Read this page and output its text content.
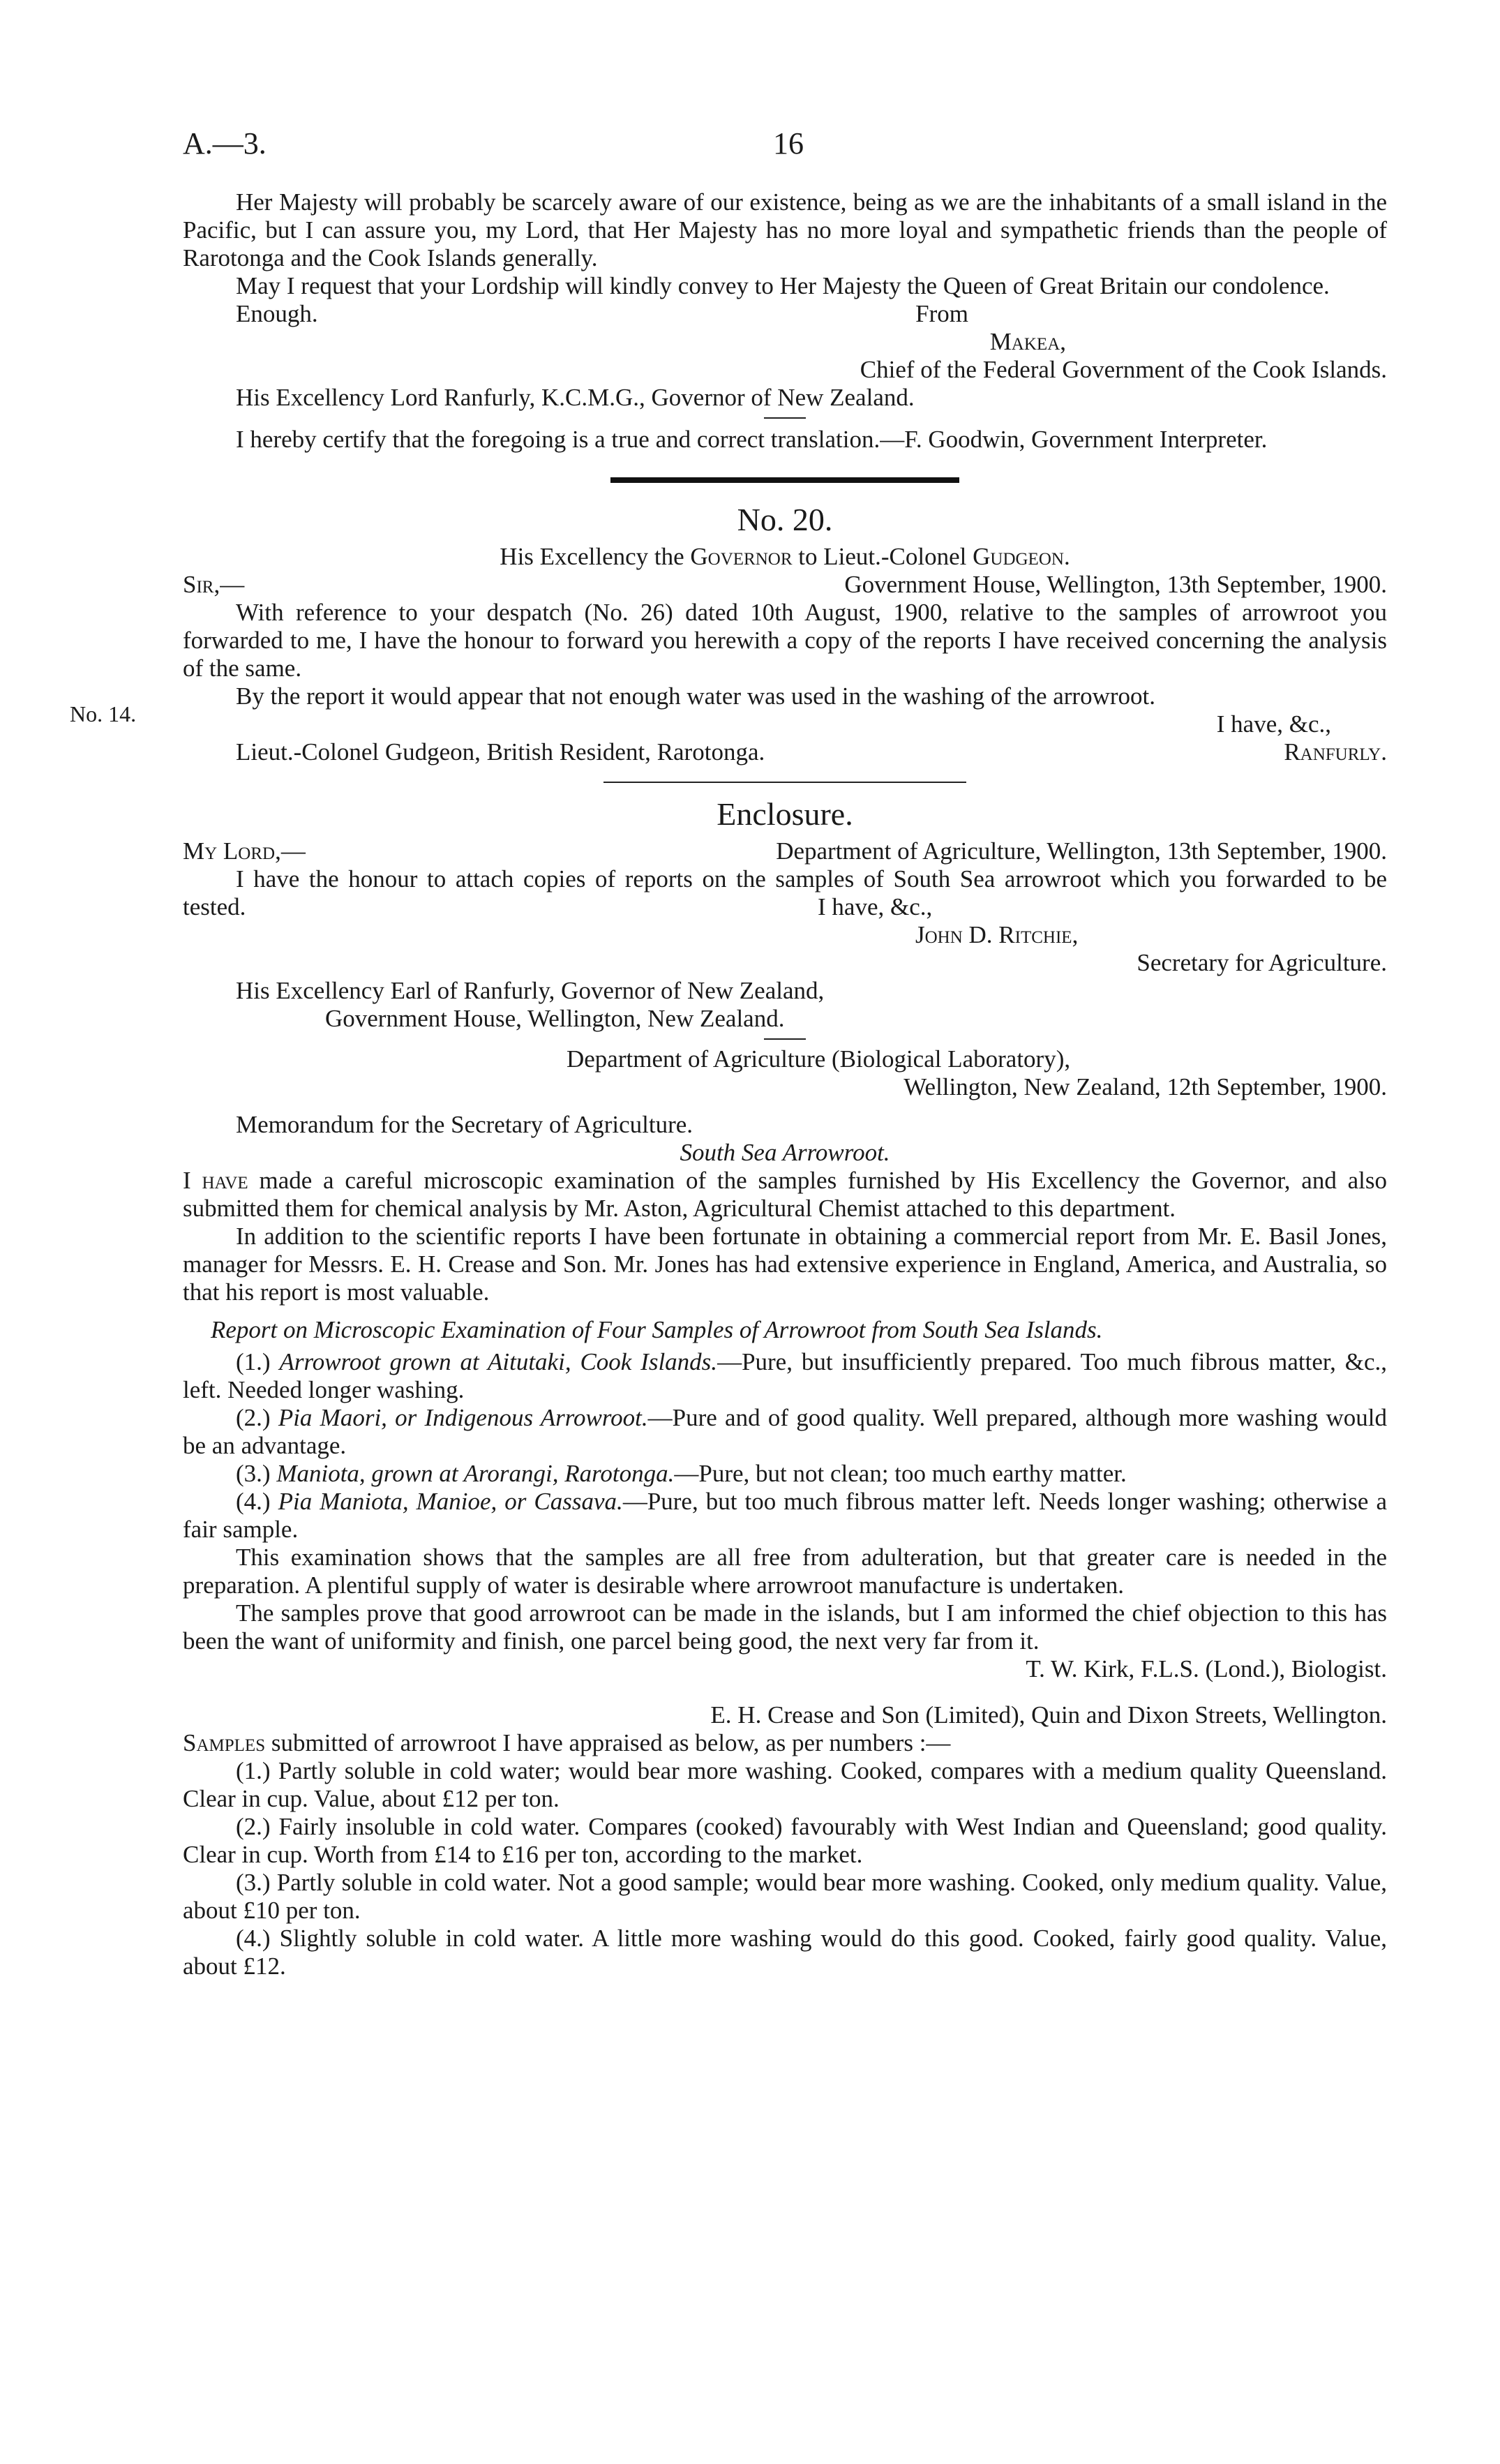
A.—3.	16
No. 14.

Her Majesty will probably be scarcely aware of our existence, being as we are the inhabitants of a small island in the Pacific, but I can assure you, my Lord, that Her Majesty has no more loyal and sympathetic friends than the people of Rarotonga and the Cook Islands generally.

May I request that your Lordship will kindly convey to Her Majesty the Queen of Great Britain our condolence.

Enough.	From
Makea,
Chief of the Federal Government of the Cook Islands.
His Excellency Lord Ranfurly, K.C.M.G., Governor of New Zealand.

I hereby certify that the foregoing is a true and correct translation.—F. Goodwin, Government Interpreter.

No. 20.
His Excellency the Governor to Lieut.-Colonel Gudgeon.
Sir,—	Government House, Wellington, 13th September, 1900.

With reference to your despatch (No. 26) dated 10th August, 1900, relative to the samples of arrowroot you forwarded to me, I have the honour to forward you herewith a copy of the reports I have received concerning the analysis of the same.

By the report it would appear that not enough water was used in the washing of the arrowroot.

I have, &c.,
Lieut.-Colonel Gudgeon, British Resident, Rarotonga.	Ranfurly.
Enclosure.
My Lord,—	Department of Agriculture, Wellington, 13th September, 1900.

I have the honour to attach copies of reports on the samples of South Sea arrowroot which you forwarded to be tested.	I have, &c.,
John D. Ritchie,
Secretary for Agriculture.
His Excellency Earl of Ranfurly, Governor of New Zealand,
Government House, Wellington, New Zealand.
Department of Agriculture (Biological Laboratory),
Wellington, New Zealand, 12th September, 1900.
Memorandum for the Secretary of Agriculture.
South Sea Arrowroot.

I have made a careful microscopic examination of the samples furnished by His Excellency the Governor, and also submitted them for chemical analysis by Mr. Aston, Agricultural Chemist attached to this department.

In addition to the scientific reports I have been fortunate in obtaining a commercial report from Mr. E. Basil Jones, manager for Messrs. E. H. Crease and Son. Mr. Jones has had extensive experience in England, America, and Australia, so that his report is most valuable.

Report on Microscopic Examination of Four Samples of Arrowroot from South Sea Islands.

(1.) Arrowroot grown at Aitutaki, Cook Islands.—Pure, but insufficiently prepared. Too much fibrous matter, &c., left. Needed longer washing.

(2.) Pia Maori, or Indigenous Arrowroot.—Pure and of good quality. Well prepared, although more washing would be an advantage.

(3.) Maniota, grown at Arorangi, Rarotonga.—Pure, but not clean; too much earthy matter.

(4.) Pia Maniota, Manioe, or Cassava.—Pure, but too much fibrous matter left. Needs longer washing; otherwise a fair sample.

This examination shows that the samples are all free from adulteration, but that greater care is needed in the preparation. A plentiful supply of water is desirable where arrowroot manufacture is undertaken.

The samples prove that good arrowroot can be made in the islands, but I am informed the chief objection to this has been the want of uniformity and finish, one parcel being good, the next very far from it.

T. W. Kirk, F.L.S. (Lond.), Biologist.
E. H. Crease and Son (Limited), Quin and Dixon Streets, Wellington.

Samples submitted of arrowroot I have appraised as below, as per numbers :—

(1.) Partly soluble in cold water; would bear more washing. Cooked, compares with a medium quality Queensland. Clear in cup. Value, about £12 per ton.

(2.) Fairly insoluble in cold water. Compares (cooked) favourably with West Indian and Queensland; good quality. Clear in cup. Worth from £14 to £16 per ton, according to the market.

(3.) Partly soluble in cold water. Not a good sample; would bear more washing. Cooked, only medium quality. Value, about £10 per ton.

(4.) Slightly soluble in cold water. A little more washing would do this good. Cooked, fairly good quality. Value, about £12.
